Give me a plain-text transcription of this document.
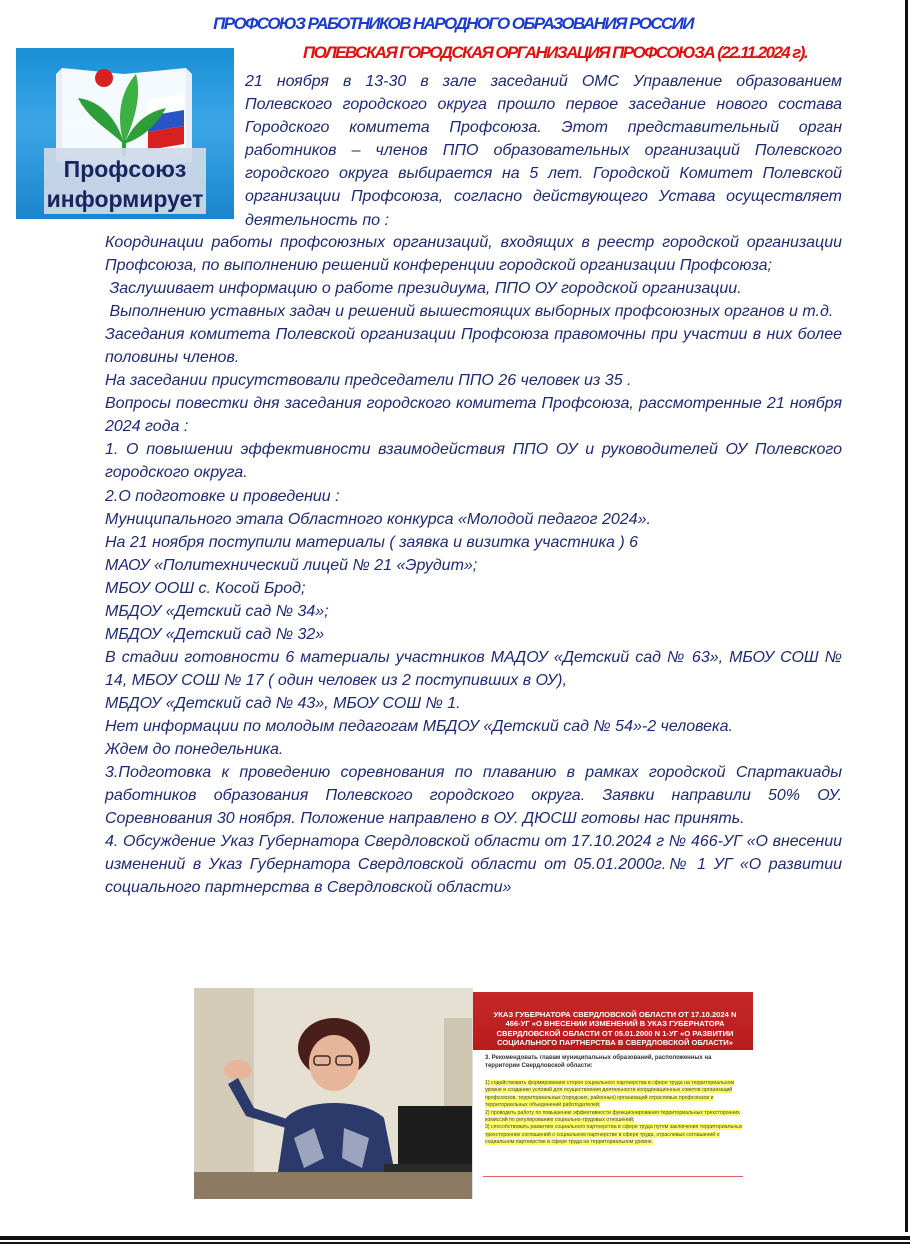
ПРОФСОЮЗ РАБОТНИКОВ НАРОДНОГО ОБРАЗОВАНИЯ РОССИИ
ПОЛЕВСКАЯ ГОРОДСКАЯ ОРГАНИЗАЦИЯ ПРОФСОЮЗА (22.11.2024 г).
Профсоюз
информирует

21 ноября в 13-30 в зале заседаний ОМС Управление образованием Полевского городского округа прошло первое заседание нового состава Городского комитета Профсоюза. Этот представительный орган работников – членов ППО образовательных организаций Полевского городского округа выбирается на 5 лет. Городской Комитет Полевской организации Профсоюза, согласно действующего Устава осуществляет деятельность по :

Координации работы профсоюзных организаций, входящих в реестр городской организации Профсоюза, по выполнению решений конференции городской организации Профсоюза;

Заслушивает информацию о работе президиума, ППО ОУ городской организации.

Выполнению уставных задач и решений вышестоящих выборных профсоюзных органов и т.д.

Заседания комитета Полевской организации Профсоюза правомочны при участии в них более половины членов.

На заседании присутствовали председатели ППО 26 человек из 35 .

Вопросы повестки дня заседания городского комитета Профсоюза, рассмотренные 21 ноября 2024 года :

1. О повышении эффективности взаимодействия ППО ОУ и руководителей ОУ Полевского городского округа.

2.О подготовке и проведении :

Муниципального этапа Областного конкурса «Молодой педагог 2024».

На 21 ноября поступили материалы ( заявка и визитка участника ) 6

МАОУ «Политехнический лицей № 21 «Эрудит»;

МБОУ ООШ с. Косой Брод;

МБДОУ «Детский сад № 34»;

МБДОУ «Детский сад № 32»

В стадии готовности 6 материалы участников МАДОУ «Детский сад № 63», МБОУ СОШ № 14, МБОУ СОШ № 17 ( один человек из 2 поступивших в ОУ),

МБДОУ «Детский сад № 43», МБОУ СОШ № 1.

Нет информации по молодым педагогам МБДОУ «Детский сад № 54»-2 человека.

Ждем до понедельника.

3.Подготовка к проведению соревнования по плаванию в рамках городской Спартакиады работников образования Полевского городского округа. Заявки направили 50% ОУ. Соревнования 30 ноября. Положение направлено в ОУ. ДЮСШ готовы нас принять.

4. Обсуждение Указ Губернатора Свердловской области от 17.10.2024 г № 466-УГ «О внесении изменений в Указ Губернатора Свердловской области от 05.01.2000г.№ 1 УГ «О развитии социального партнерства в Свердловской области»

УКАЗ ГУБЕРНАТОРА СВЕРДЛОВСКОЙ ОБЛАСТИ ОТ 17.10.2024 N 466-УГ «О ВНЕСЕНИИ ИЗМЕНЕНИЙ В УКАЗ ГУБЕРНАТОРА СВЕРДЛОВСКОЙ ОБЛАСТИ ОТ 05.01.2000 N 1-УГ «О РАЗВИТИИ СОЦИАЛЬНОГО ПАРТНЕРСТВА В СВЕРДЛОВСКОЙ ОБЛАСТИ»

3. Рекомендовать главам муниципальных образований, расположенных на территории Свердловской области:

1) содействовать формированию сторон социального партнерства в сфере труда на территориальном уровне и созданию условий для осуществления деятельности координационных советов организаций профсоюзов, территориальных (городских, районных) организаций отраслевых профсоюзов и территориальных объединений работодателей;
2) проводить работу по повышению эффективности функционирования территориальных трехсторонних комиссий по регулированию социально-трудовых отношений;
3) способствовать развитию социального партнерства в сфере труда путем заключения территориальных трехсторонних соглашений о социальном партнерстве в сфере труда, отраслевых соглашений о социальном партнерстве в сфере труда на территориальном уровне.
